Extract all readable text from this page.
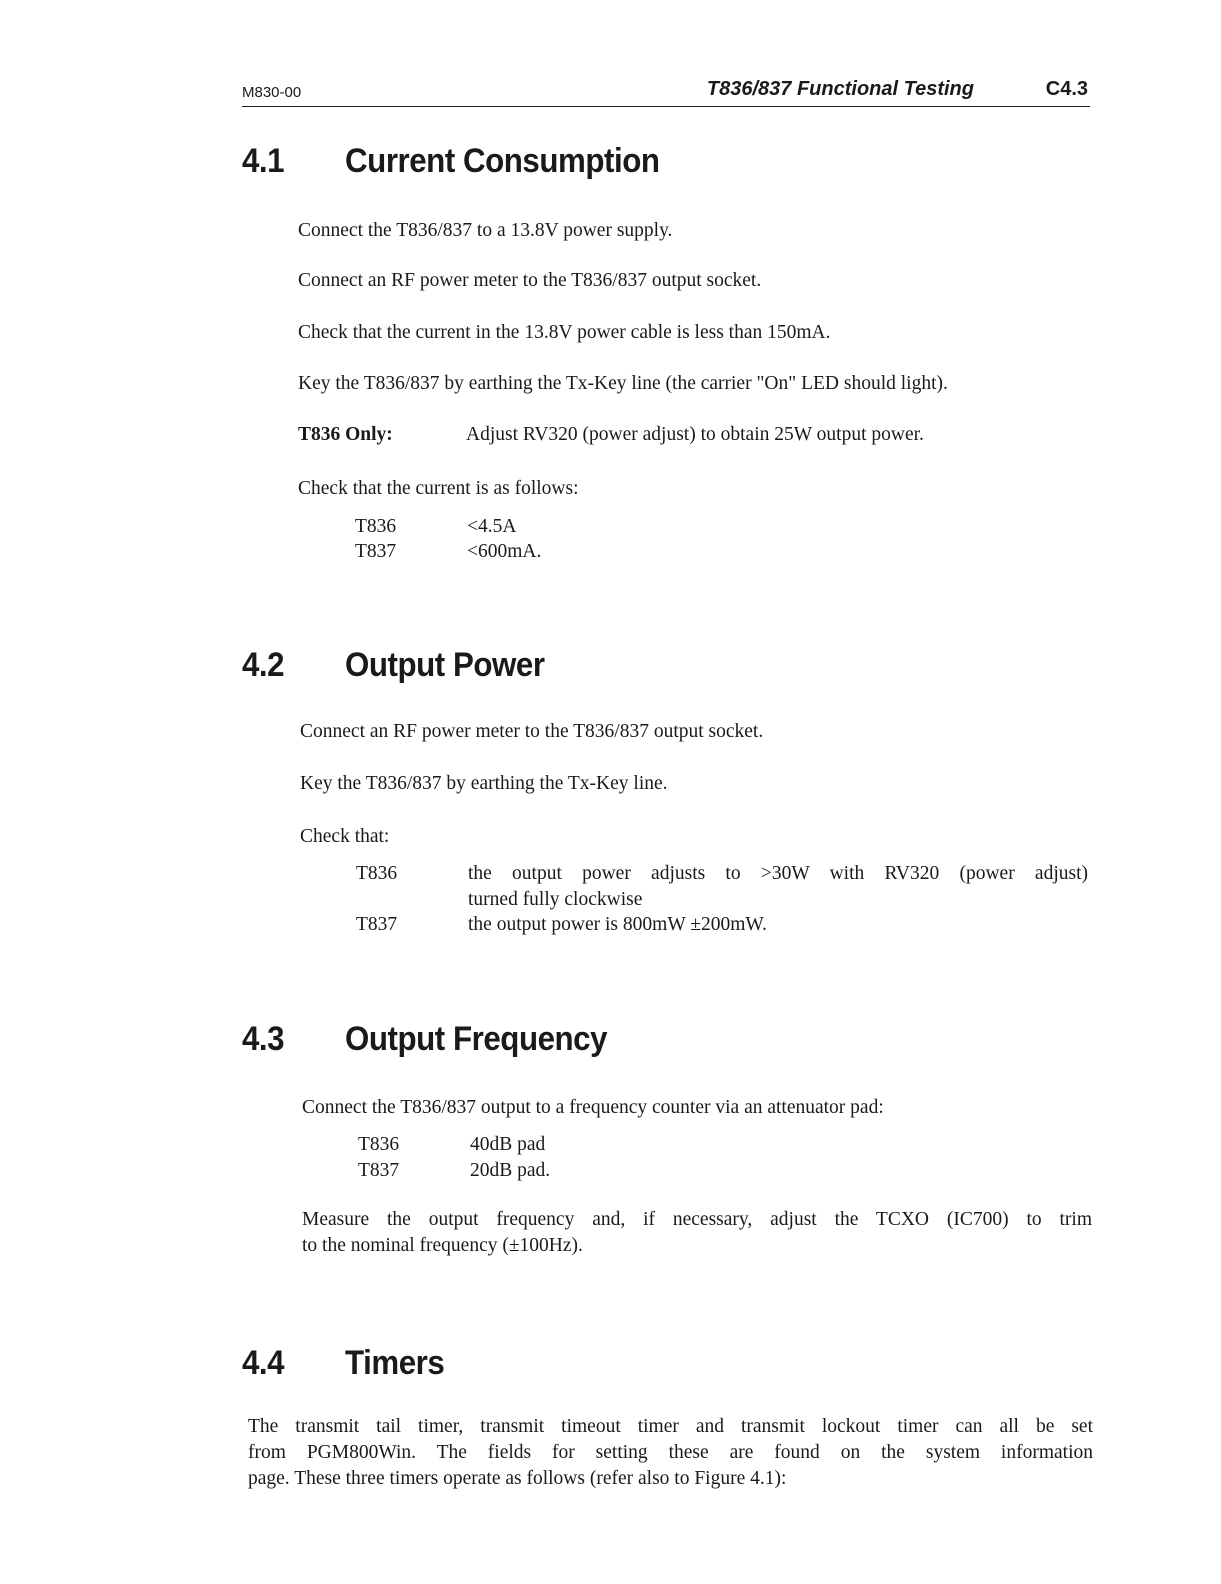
M830-00	T836/837 Functional Testing	C4.3
4.1 Current Consumption
Connect the T836/837 to a 13.8V power supply.
Connect an RF power meter to the T836/837 output socket.
Check that the current in the 13.8V power cable is less than 150mA.
Key the T836/837 by earthing the Tx-Key line (the carrier "On" LED should light).
T836 Only:	Adjust RV320 (power adjust) to obtain 25W output power.
Check that the current is as follows:
T836	<4.5A
T837	<600mA.
4.2 Output Power
Connect an RF power meter to the T836/837 output socket.
Key the T836/837 by earthing the Tx-Key line.
Check that:
T836	the output power adjusts to >30W with RV320 (power adjust)
turned fully clockwise
T837	the output power is 800mW ±200mW.
4.3 Output Frequency
Connect the T836/837 output to a frequency counter via an attenuator pad:
T836	40dB pad
T837	20dB pad.
Measure the output frequency and, if necessary, adjust the TCXO (IC700) to trim
to the nominal frequency (±100Hz).
4.4 Timers
The transmit tail timer, transmit timeout timer and transmit lockout timer can all be set
from PGM800Win. The fields for setting these are found on the system information
page. These three timers operate as follows (refer also to Figure 4.1):
